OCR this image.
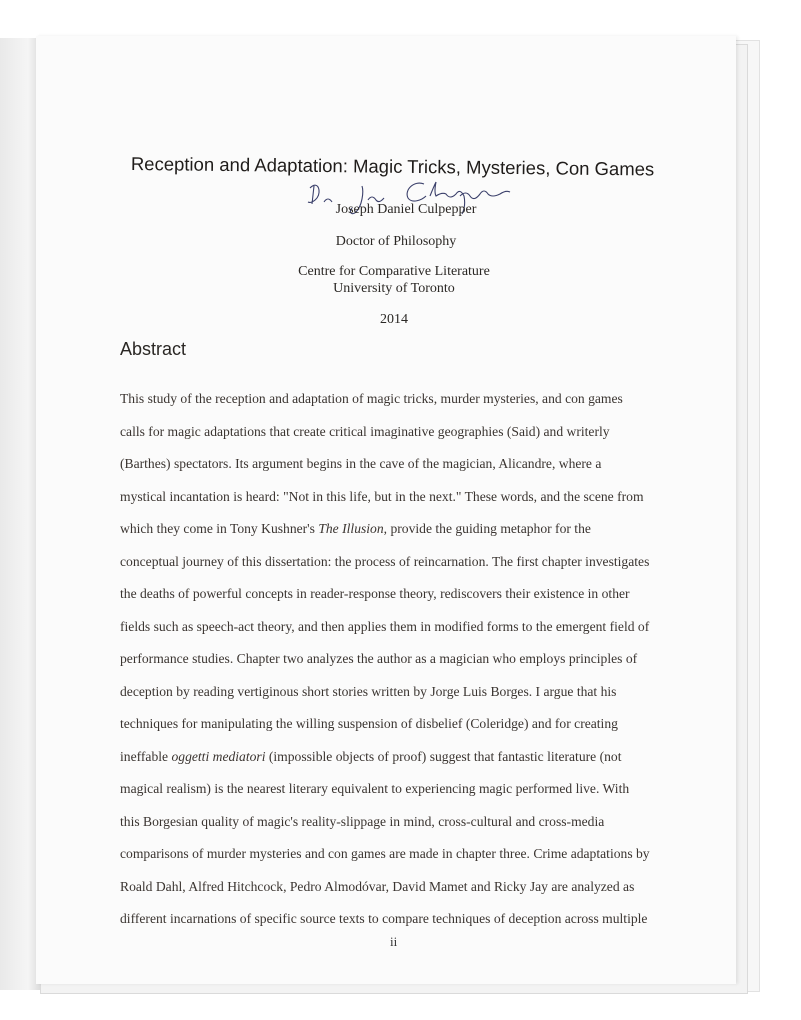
Reception and Adaptation: Magic Tricks, Mysteries, Con Games
Joseph Daniel Culpepper
Doctor of Philosophy
Centre for Comparative Literature
University of Toronto
2014
Abstract
This study of the reception and adaptation of magic tricks, murder mysteries, and con games
calls for magic adaptations that create critical imaginative geographies (Said) and writerly
(Barthes) spectators. Its argument begins in the cave of the magician, Alicandre, where a
mystical incantation is heard: "Not in this life, but in the next." These words, and the scene from
which they come in Tony Kushner's The Illusion, provide the guiding metaphor for the
conceptual journey of this dissertation: the process of reincarnation. The first chapter investigates
the deaths of powerful concepts in reader-response theory, rediscovers their existence in other
fields such as speech-act theory, and then applies them in modified forms to the emergent field of
performance studies. Chapter two analyzes the author as a magician who employs principles of
deception by reading vertiginous short stories written by Jorge Luis Borges. I argue that his
techniques for manipulating the willing suspension of disbelief (Coleridge) and for creating
ineffable oggetti mediatori (impossible objects of proof) suggest that fantastic literature (not
magical realism) is the nearest literary equivalent to experiencing magic performed live. With
this Borgesian quality of magic's reality-slippage in mind, cross-cultural and cross-media
comparisons of murder mysteries and con games are made in chapter three. Crime adaptations by
Roald Dahl, Alfred Hitchcock, Pedro Almodóvar, David Mamet and Ricky Jay are analyzed as
different incarnations of specific source texts to compare techniques of deception across multiple
ii
